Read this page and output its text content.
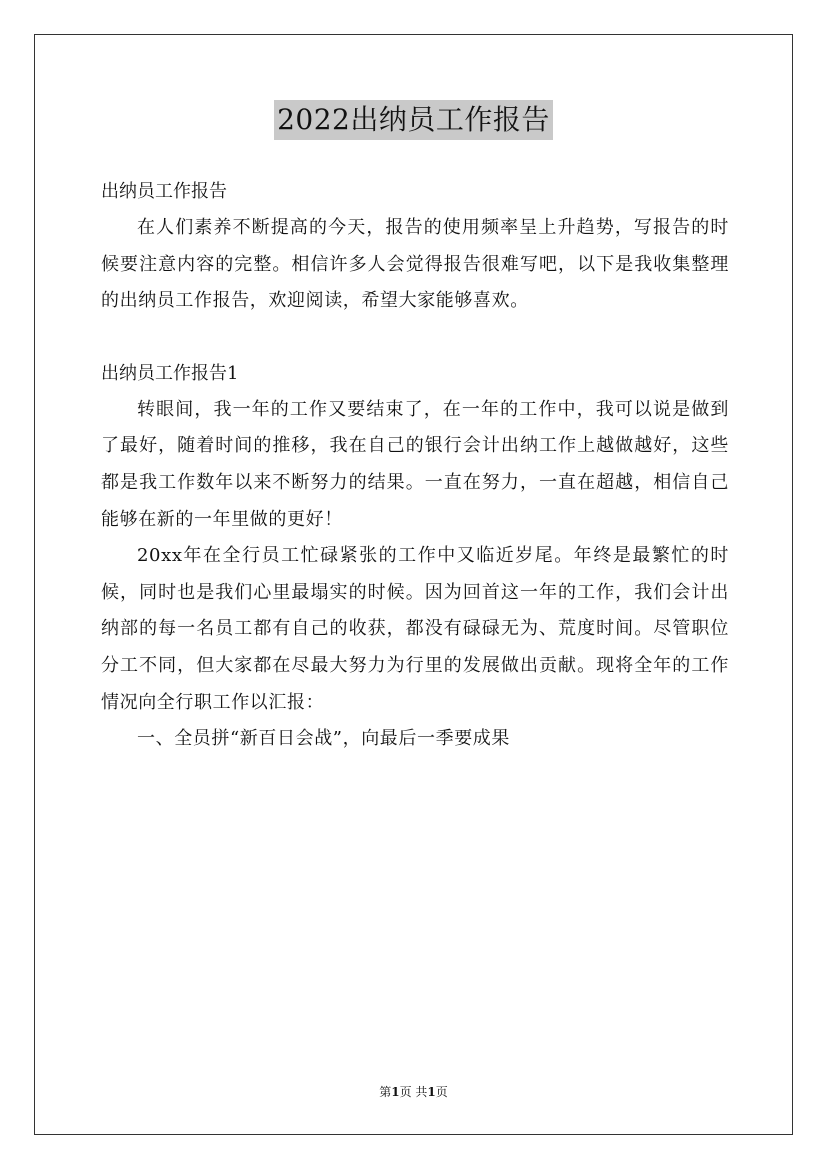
2022出纳员工作报告

出纳员工作报告

在人们素养不断提高的今天，报告的使用频率呈上升趋势，写报告的时候要注意内容的完整。相信许多人会觉得报告很难写吧，以下是我收集整理的出纳员工作报告，欢迎阅读，希望大家能够喜欢。

出纳员工作报告1

转眼间，我一年的工作又要结束了，在一年的工作中，我可以说是做到了最好，随着时间的推移，我在自己的银行会计出纳工作上越做越好，这些都是我工作数年以来不断努力的结果。一直在努力，一直在超越，相信自己能够在新的一年里做的更好！

20xx年在全行员工忙碌紧张的工作中又临近岁尾。年终是最繁忙的时候，同时也是我们心里最塌实的时候。因为回首这一年的工作，我们会计出纳部的每一名员工都有自己的收获，都没有碌碌无为、荒度时间。尽管职位分工不同，但大家都在尽最大努力为行里的发展做出贡献。现将全年的工作情况向全行职工作以汇报：

一、全员拼“新百日会战”，向最后一季要成果

第1页 共1页
